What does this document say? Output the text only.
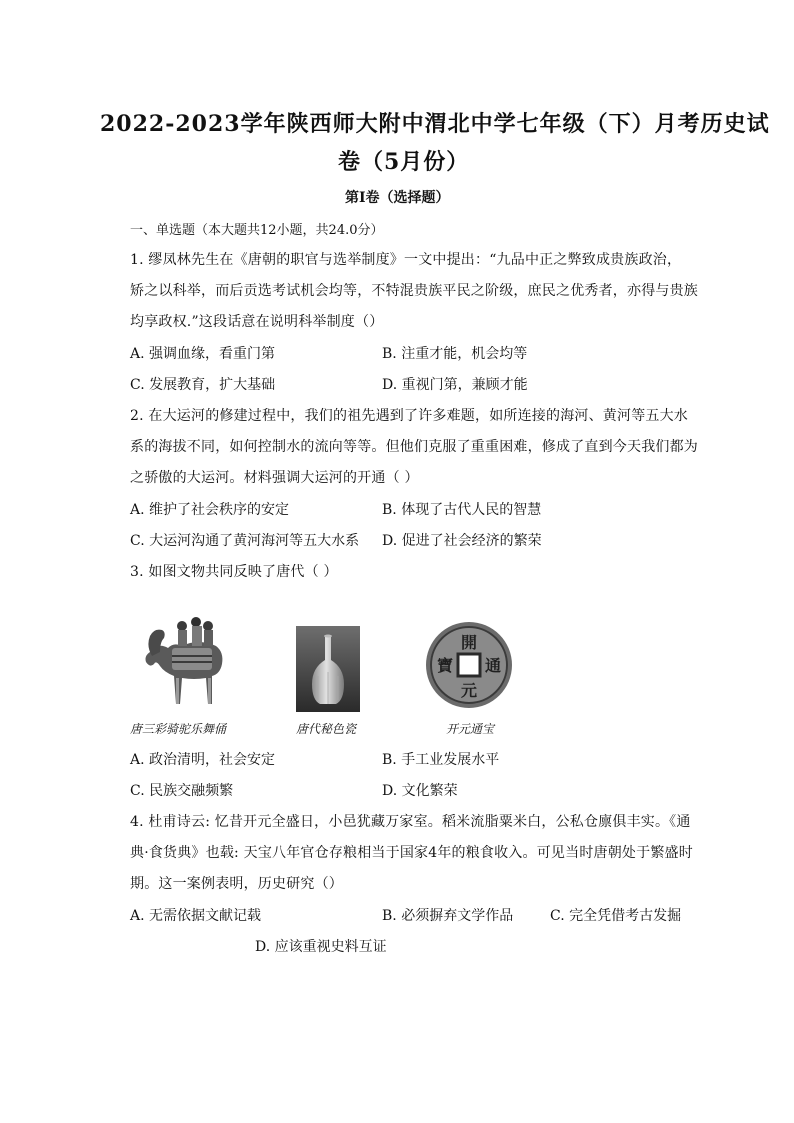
2022-2023学年陕西师大附中渭北中学七年级（下）月考历史试
卷（5月份）
第I卷（选择题）
一、单选题（本大题共12小题，共24.0分）
1. 缪凤林先生在《唐朝的职官与选举制度》一文中提出：“九品中正之弊致成贵族政治，
矫之以科举，而后贡选考试机会均等，不特混贵族平民之阶级，庶民之优秀者，亦得与贵族
均享政权.”这段话意在说明科举制度（）
A. 强调血缘，看重门第	B. 注重才能，机会均等
C. 发展教育，扩大基础	D. 重视门第，兼顾才能
2. 在大运河的修建过程中，我们的祖先遇到了许多难题，如所连接的海河、黄河等五大水
系的海拔不同，如何控制水的流向等等。但他们克服了重重困难，修成了直到今天我们都为
之骄傲的大运河。材料强调大运河的开通（ ）
A. 维护了社会秩序的安定	B. 体现了古代人民的智慧
C. 大运河沟通了黄河海河等五大水系 D. 促进了社会经济的繁荣
3. 如图文物共同反映了唐代（ ）
唐三彩骑驼乐舞俑	唐代秘色瓷
開
通
元
寶
开元通宝
A. 政治清明，社会安定	B. 手工业发展水平
C. 民族交融频繁	D. 文化繁荣
4. 杜甫诗云: 忆昔开元全盛日，小邑犹藏万家室。稻米流脂粟米白，公私仓廪俱丰实。《通
典·食货典》也载: 天宝八年官仓存粮相当于国家4年的粮食收入。可见当时唐朝处于繁盛时
期。这一案例表明，历史研究（）
A. 无需依据文献记载	B. 必须摒弃文学作品	C. 完全凭借考古发掘
D. 应该重视史料互证
